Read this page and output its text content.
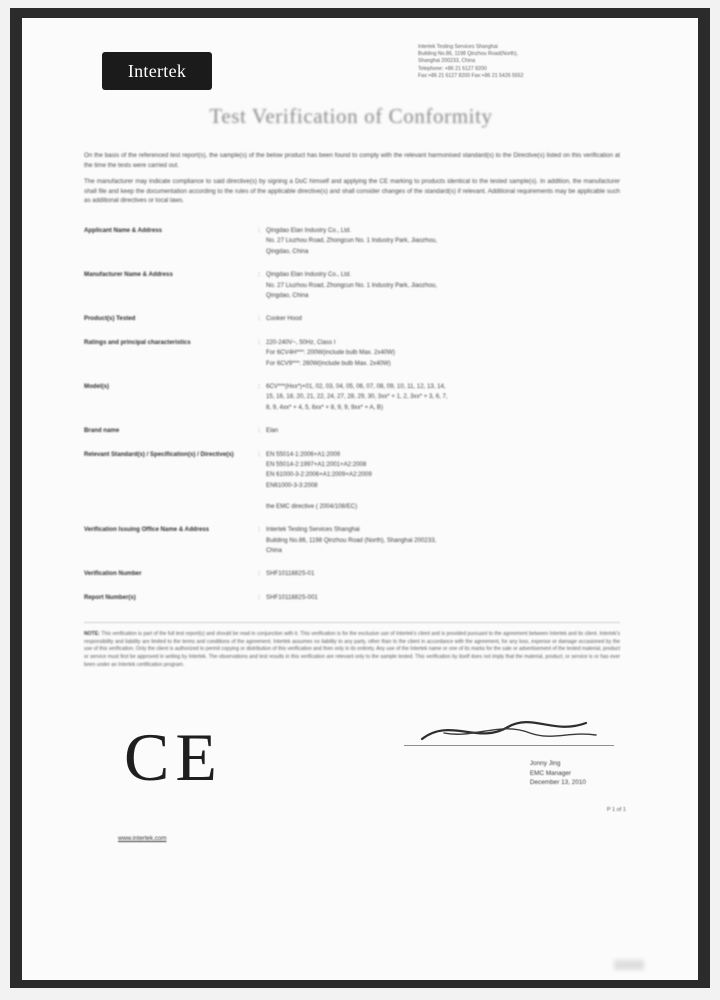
Intertek
Intertek Testing Services Shanghai
Building No.86, 1198 Qinzhou Road(North),
Shanghai 200233, China
Telephone: +86 21 6127 8200
Fax:+86 21 6127 8200 Fax:+86 21 5426 5552
Test Verification of Conformity

On the basis of the referenced test report(s), the sample(s) of the below product has been found to comply with the relevant harmonised standard(s) to the Directive(s) listed on this verification at the time the tests were carried out.

The manufacturer may indicate compliance to said directive(s) by signing a DoC himself and applying the CE marking to products identical to the tested sample(s). In addition, the manufacturer shall file and keep the documentation according to the rules of the applicable directive(s) and shall consider changes of the standard(s) if relevant. Additional requirements may be applicable such as additional directives or local laws.

Applicant Name & Address	:	Qingdao Elan Industry Co., Ltd.
No. 27 Liuzhou Road, Zhongcun No. 1 Industry Park, Jiaozhou,
Qingdao, China

Manufacturer Name & Address	:	Qingdao Elan Industry Co., Ltd.
No. 27 Liuzhou Road, Zhongcun No. 1 Industry Park, Jiaozhou,
Qingdao, China

Product(s) Tested	:	Cooker Hood

Ratings and principal characteristics	:	220-240V~, 50Hz, Class I
For 6CV4H***: 200W(include bulb Max. 2x40W)
For 6CV9***: 260W(include bulb Max. 2x40W)

Model(s)	:	6CV***(Hxx*)+01, 02, 03, 04, 05, 06, 07, 08, 09, 10, 11, 12, 13, 14,
15, 16, 18, 20, 21, 22, 24, 27, 28, 29, 30, 3xx* + 1, 2, 3xx* + 3, 6, 7,
8, 9, 4xx* + 4, 5, 6xx* + 8, 9, 9, 9xx* + A, B)

Brand name	:	Elan

Relevant Standard(s) / Specification(s) / Directive(s)	:	EN 55014-1:2006+A1:2009
EN 55014-2:1997+A1:2001+A2:2008
EN 61000-3-2:2006+A1:2009+A2:2009
EN61000-3-3:2008

the EMC directive ( 2004/108/EC)

Verification Issuing Office Name & Address	:	Intertek Testing Services Shanghai
Building No.86, 1198 Qinzhou Road (North), Shanghai 200233,
China

Verification Number	:	SHF1011882S-01

Report Number(s)	:	SHF1011882S-001
NOTE: This verification is part of the full test report(s) and should be read in conjunction with it. This verification is for the exclusive use of Intertek's client and is provided pursuant to the agreement between Intertek and its client. Intertek's responsibility and liability are limited to the terms and conditions of the agreement. Intertek assumes no liability to any party, other than to the client in accordance with the agreement, for any loss, expense or damage occasioned by the use of this verification. Only the client is authorized to permit copying or distribution of this verification and then only in its entirety. Any use of the Intertek name or one of its marks for the sale or advertisement of the tested material, product or service must first be approved in writing by Intertek. The observations and test results in this verification are relevant only to the sample tested. This verification by itself does not imply that the material, product, or service is or has ever been under an Intertek certification program.
CE	Jonny Jing
EMC Manager
December 13, 2010
P 1 of 1
www.intertek.com
